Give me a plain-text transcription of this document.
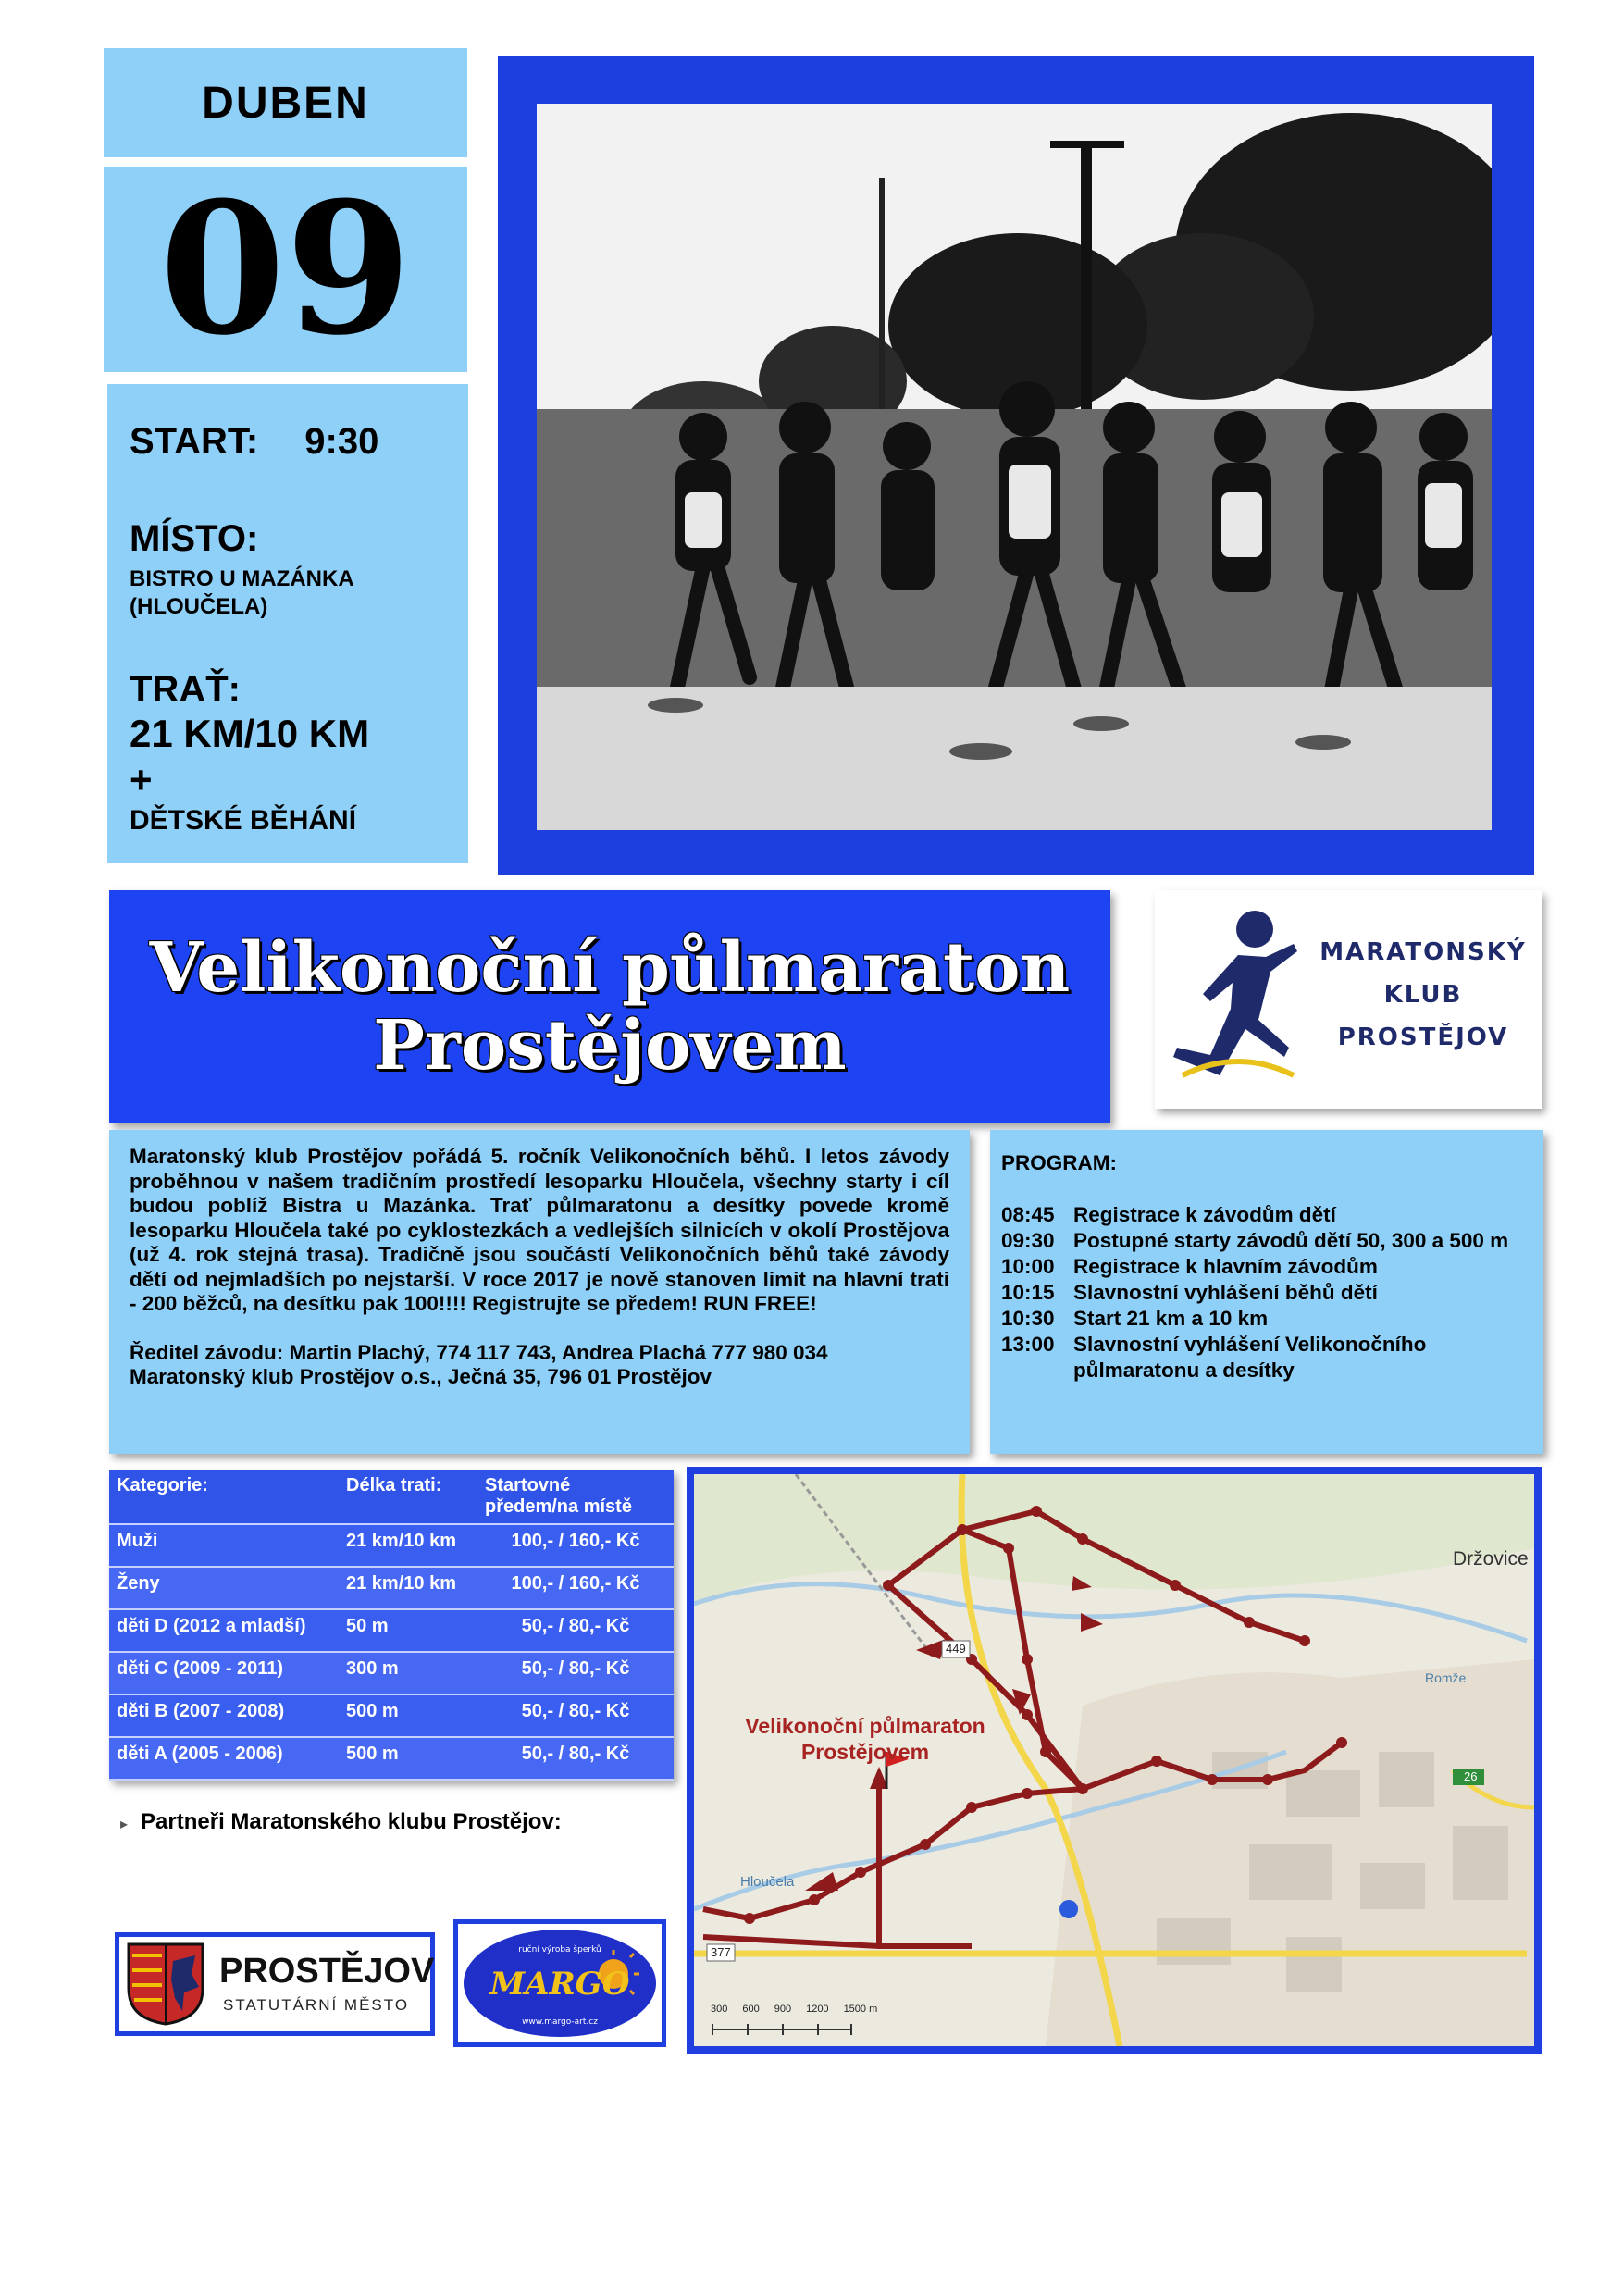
DUBEN
09
START: 9:30
MÍSTO:
BISTRO U MAZÁNKA
(HLOUČELA)
TRAŤ:
21 KM/10 KM
+
DĚTSKÉ BĚHÁNÍ
Velikonoční půlmaraton
Prostějovem
MARATONSKÝ
KLUB
PROSTĚJOV
Maratonský klub Prostějov pořádá 5. ročník Velikonočních běhů. I letos závody proběhnou v našem tradičním prostředí lesoparku Hloučela, všechny starty i cíl budou poblíž Bistra u Mazánka. Trať půlmaratonu a desítky povede kromě lesoparku Hloučela také po cyklostezkách a vedlejších silnicích v okolí Prostějova (už 4. rok stejná trasa). Tradičně jsou součástí Velikonočních běhů také závody dětí od nejmladších po nejstarší. V roce 2017 je nově stanoven limit na hlavní trati - 200 běžců, na desítku pak 100!!!! Registrujte se předem! RUN FREE!
Ředitel závodu: Martin Plachý, 774 117 743, Andrea Plachá 777 980 034
Maratonský klub Prostějov o.s., Ječná 35, 796 01 Prostějov
PROGRAM:
08:45 Registrace k závodům dětí
09:30 Postupné starty závodů dětí 50, 300 a 500 m
10:00 Registrace k hlavním závodům
10:15 Slavnostní vyhlášení běhů dětí
10:30 Start 21 km a 10 km
13:00 Slavnostní vyhlášení Velikonočního půlmaratonu a desítky
Kategorie:	Délka trati:	Startovné předem/na místě
Muži	21 km/10 km	100,- / 160,- Kč
Ženy	21 km/10 km	100,- / 160,- Kč
děti D (2012 a mladší)	50 m	50,- / 80,- Kč
děti C (2009 - 2011)	300 m	50,- / 80,- Kč
děti B (2007 - 2008)	500 m	50,- / 80,- Kč
děti A (2005 - 2006)	500 m	50,- / 80,- Kč
▸ Partneři Maratonského klubu Prostějov:
PROSTĚJOV
STATUTÁRNÍ MĚSTO
MARGO
ruční výroba šperků
www.margo-art.cz
Držovice
Romže
Hloučela
449
377
26
Velikonoční půlmaraton
Prostějovem
300 600 900 1200 1500 m
